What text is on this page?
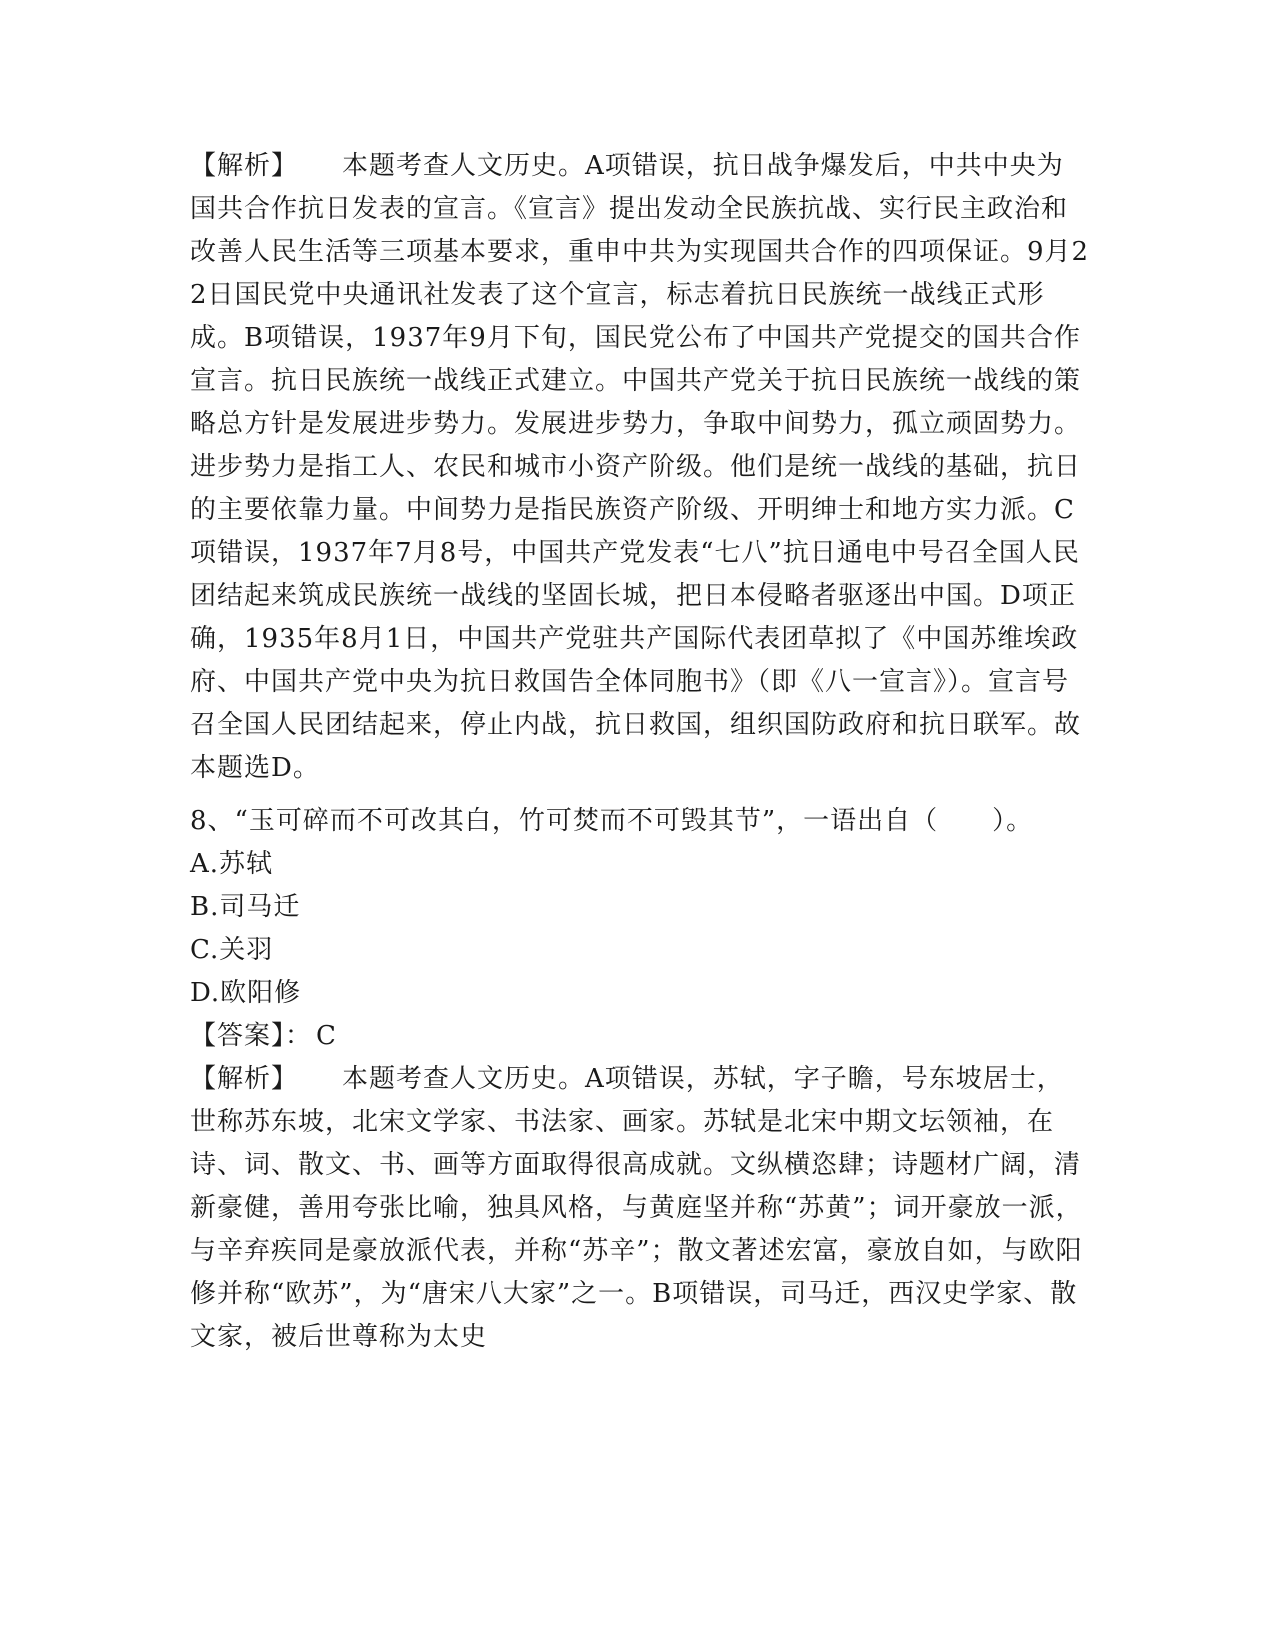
【解析】 本题考查人文历史。A项错误，抗日战争爆发后，中共中央为国共合作抗日发表的宣言。《宣言》提出发动全民族抗战、实行民主政治和改善人民生活等三项基本要求，重申中共为实现国共合作的四项保证。9月22日国民党中央通讯社发表了这个宣言，标志着抗日民族统一战线正式形成。B项错误，1937年9月下旬，国民党公布了中国共产党提交的国共合作宣言。抗日民族统一战线正式建立。中国共产党关于抗日民族统一战线的策略总方针是发展进步势力。发展进步势力，争取中间势力，孤立顽固势力。进步势力是指工人、农民和城市小资产阶级。他们是统一战线的基础，抗日的主要依靠力量。中间势力是指民族资产阶级、开明绅士和地方实力派。C项错误，1937年7月8号，中国共产党发表“七八”抗日通电中号召全国人民团结起来筑成民族统一战线的坚固长城，把日本侵略者驱逐出中国。D项正确，1935年8月1日，中国共产党驻共产国际代表团草拟了《中国苏维埃政府、中国共产党中央为抗日救国告全体同胞书》（即《八一宣言》）。宣言号召全国人民团结起来，停止内战，抗日救国，组织国防政府和抗日联军。故本题选D。

8、“玉可碎而不可改其白，竹可焚而不可毁其节”，一语出自（　　）。

A.苏轼

B.司马迁

C.关羽

D.欧阳修

【答案】： C

【解析】 本题考查人文历史。A项错误，苏轼，字子瞻，号东坡居士，世称苏东坡，北宋文学家、书法家、画家。苏轼是北宋中期文坛领袖，在诗、词、散文、书、画等方面取得很高成就。文纵横恣肆；诗题材广阔，清新豪健，善用夸张比喻，独具风格，与黄庭坚并称“苏黄”；词开豪放一派，与辛弃疾同是豪放派代表，并称“苏辛”；散文著述宏富，豪放自如，与欧阳修并称“欧苏”，为“唐宋八大家”之一。B项错误，司马迁，西汉史学家、散文家，被后世尊称为太史
